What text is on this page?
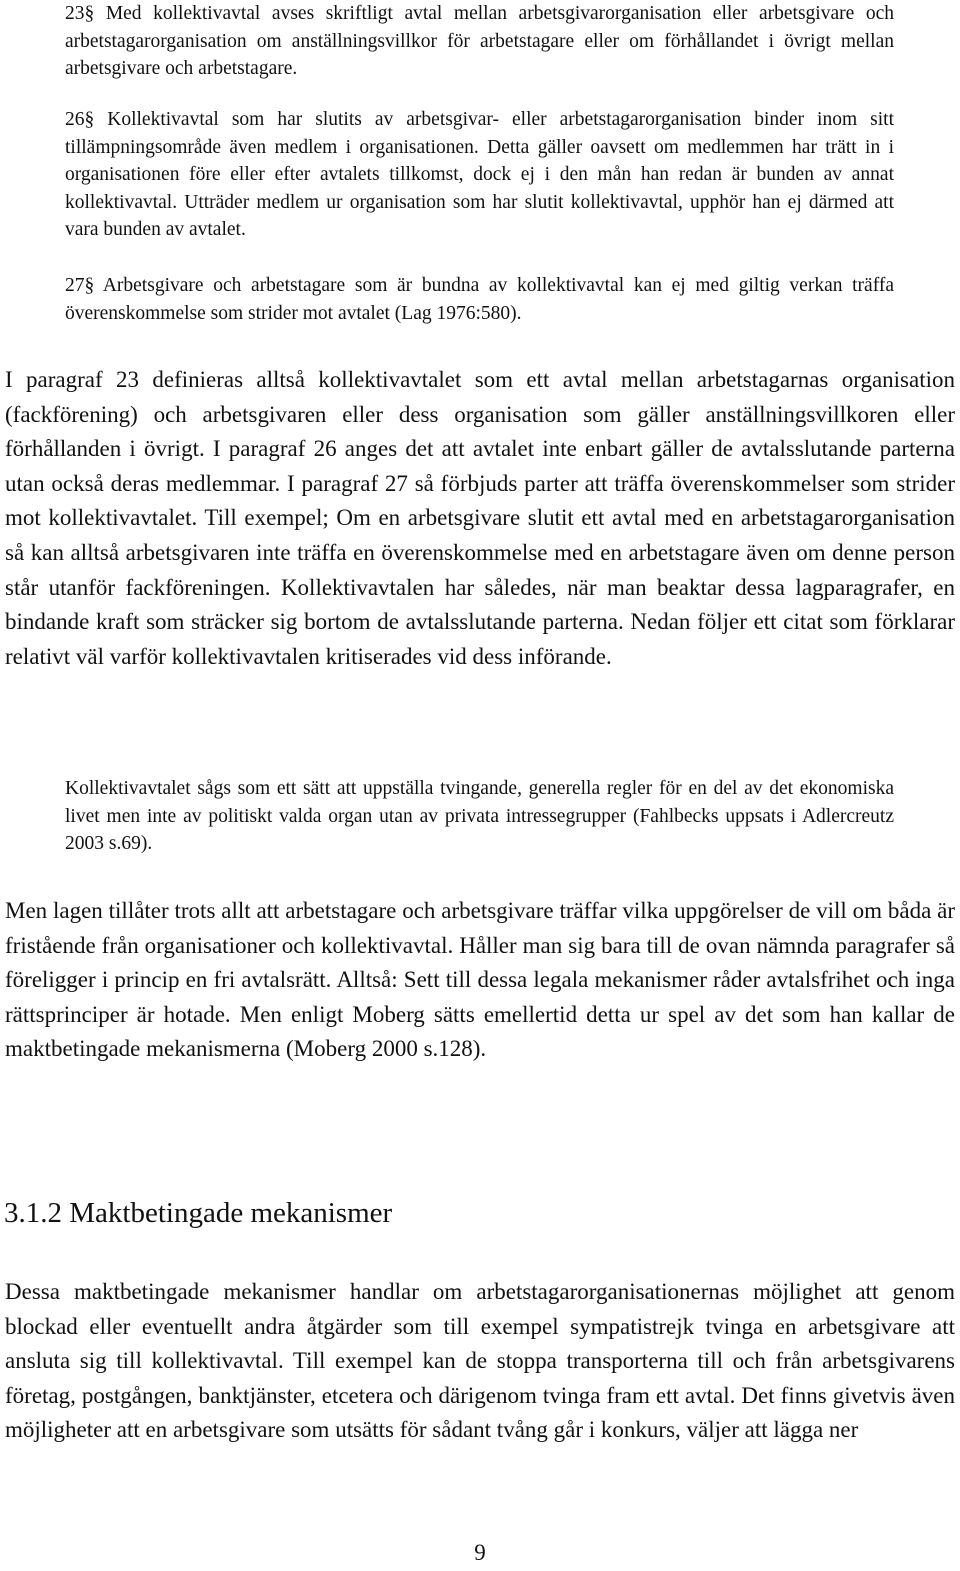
23§ Med kollektivavtal avses skriftligt avtal mellan arbetsgivarorganisation eller arbetsgivare och arbetstagarorganisation om anställningsvillkor för arbetstagare eller om förhållandet i övrigt mellan arbetsgivare och arbetstagare.

26§ Kollektivavtal som har slutits av arbetsgivar- eller arbetstagarorganisation binder inom sitt tillämpningsområde även medlem i organisationen. Detta gäller oavsett om medlemmen har trätt in i organisationen före eller efter avtalets tillkomst, dock ej i den mån han redan är bunden av annat kollektivavtal. Utträder medlem ur organisation som har slutit kollektivavtal, upphör han ej därmed att vara bunden av avtalet.

27§ Arbetsgivare och arbetstagare som är bundna av kollektivavtal kan ej med giltig verkan träffa överenskommelse som strider mot avtalet (Lag 1976:580).

I paragraf 23 definieras alltså kollektivavtalet som ett avtal mellan arbetstagarnas organisation (fackförening) och arbetsgivaren eller dess organisation som gäller anställningsvillkoren eller förhållanden i övrigt. I paragraf 26 anges det att avtalet inte enbart gäller de avtalsslutande parterna utan också deras medlemmar. I paragraf 27 så förbjuds parter att träffa överenskommelser som strider mot kollektivavtalet. Till exempel; Om en arbetsgivare slutit ett avtal med en arbetstagarorganisation så kan alltså arbetsgivaren inte träffa en överenskommelse med en arbetstagare även om denne person står utanför fackföreningen. Kollektivavtalen har således, när man beaktar dessa lagparagrafer, en bindande kraft som sträcker sig bortom de avtalsslutande parterna. Nedan följer ett citat som förklarar relativt väl varför kollektivavtalen kritiserades vid dess införande.

Kollektivavtalet sågs som ett sätt att uppställa tvingande, generella regler för en del av det ekonomiska livet men inte av politiskt valda organ utan av privata intressegrupper (Fahlbecks uppsats i Adlercreutz 2003 s.69).

Men lagen tillåter trots allt att arbetstagare och arbetsgivare träffar vilka uppgörelser de vill om båda är fristående från organisationer och kollektivavtal. Håller man sig bara till de ovan nämnda paragrafer så föreligger i princip en fri avtalsrätt. Alltså: Sett till dessa legala mekanismer råder avtalsfrihet och inga rättsprinciper är hotade. Men enligt Moberg sätts emellertid detta ur spel av det som han kallar de maktbetingade mekanismerna (Moberg 2000 s.128).

3.1.2 Maktbetingade mekanismer

Dessa maktbetingade mekanismer handlar om arbetstagarorganisationernas möjlighet att genom blockad eller eventuellt andra åtgärder som till exempel sympatistrejk tvinga en arbetsgivare att ansluta sig till kollektivavtal. Till exempel kan de stoppa transporterna till och från arbetsgivarens företag, postgången, banktjänster, etcetera och därigenom tvinga fram ett avtal. Det finns givetvis även möjligheter att en arbetsgivare som utsätts för sådant tvång går i konkurs, väljer att lägga ner

9
